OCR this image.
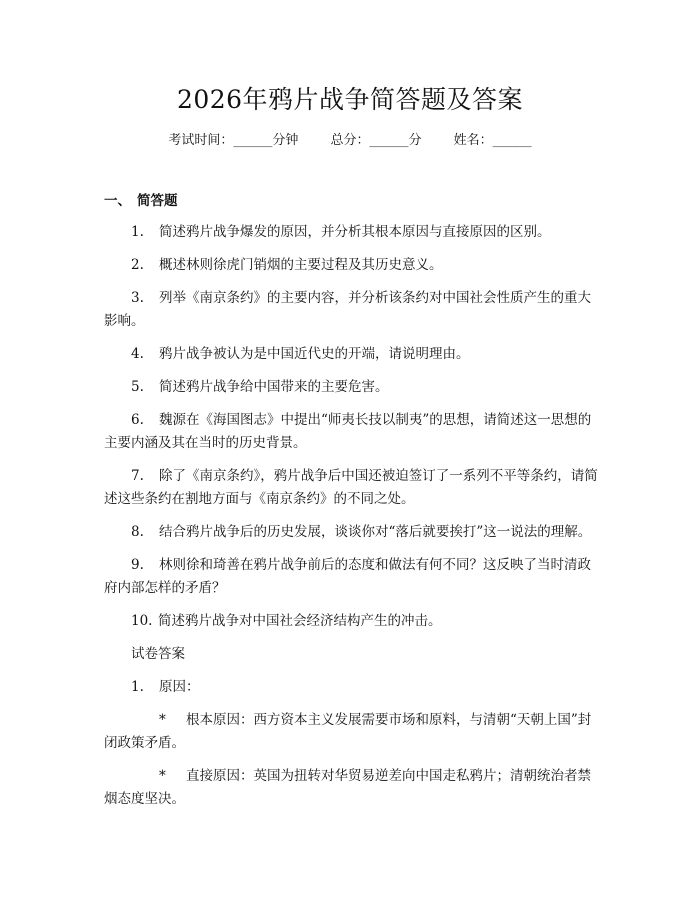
2026年鸦片战争简答题及答案
考试时间：______分钟 总分：______分 姓名：______
一、 简答题

1. 简述鸦片战争爆发的原因，并分析其根本原因与直接原因的区别。

2. 概述林则徐虎门销烟的主要过程及其历史意义。

3. 列举《南京条约》的主要内容，并分析该条约对中国社会性质产生的重大影响。

4. 鸦片战争被认为是中国近代史的开端，请说明理由。

5. 简述鸦片战争给中国带来的主要危害。

6. 魏源在《海国图志》中提出“师夷长技以制夷”的思想，请简述这一思想的主要内涵及其在当时的历史背景。

7. 除了《南京条约》，鸦片战争后中国还被迫签订了一系列不平等条约，请简述这些条约在割地方面与《南京条约》的不同之处。

8. 结合鸦片战争后的历史发展，谈谈你对“落后就要挨打”这一说法的理解。

9. 林则徐和琦善在鸦片战争前后的态度和做法有何不同？这反映了当时清政府内部怎样的矛盾？

10. 简述鸦片战争对中国社会经济结构产生的冲击。

试卷答案

1. 原因：

* 根本原因：西方资本主义发展需要市场和原料，与清朝“天朝上国”封闭政策矛盾。

* 直接原因：英国为扭转对华贸易逆差向中国走私鸦片；清朝统治者禁烟态度坚决。
